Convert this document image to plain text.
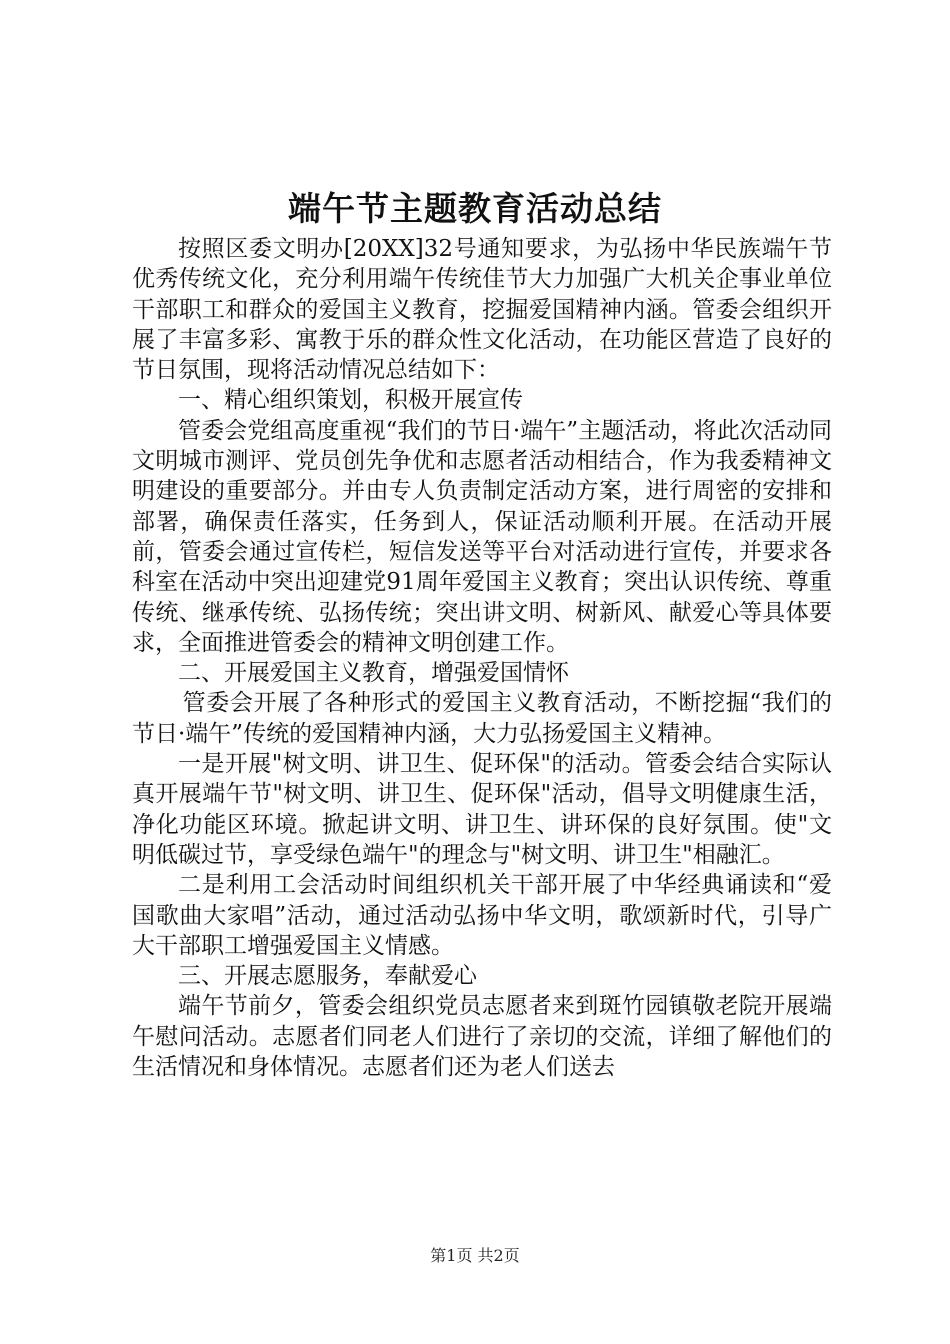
端午节主题教育活动总结

按照区委文明办[20XX]32号通知要求，为弘扬中华民族端午节优秀传统文化，充分利用端午传统佳节大力加强广大机关企事业单位干部职工和群众的爱国主义教育，挖掘爱国精神内涵。管委会组织开展了丰富多彩、寓教于乐的群众性文化活动，在功能区营造了良好的节日氛围，现将活动情况总结如下：

一、精心组织策划，积极开展宣传

管委会党组高度重视“我们的节日·端午”主题活动，将此次活动同文明城市测评、党员创先争优和志愿者活动相结合，作为我委精神文明建设的重要部分。并由专人负责制定活动方案，进行周密的安排和部署，确保责任落实，任务到人，保证活动顺利开展。在活动开展前，管委会通过宣传栏，短信发送等平台对活动进行宣传，并要求各科室在活动中突出迎建党91周年爱国主义教育；突出认识传统、尊重传统、继承传统、弘扬传统；突出讲文明、树新风、献爱心等具体要求，全面推进管委会的精神文明创建工作。

二、开展爱国主义教育，增强爱国情怀

管委会开展了各种形式的爱国主义教育活动，不断挖掘“我们的节日·端午”传统的爱国精神内涵，大力弘扬爱国主义精神。

一是开展"树文明、讲卫生、促环保"的活动。管委会结合实际认真开展端午节"树文明、讲卫生、促环保"活动，倡导文明健康生活，净化功能区环境。掀起讲文明、讲卫生、讲环保的良好氛围。使"文明低碳过节，享受绿色端午"的理念与"树文明、讲卫生"相融汇。

二是利用工会活动时间组织机关干部开展了中华经典诵读和“爱国歌曲大家唱”活动，通过活动弘扬中华文明，歌颂新时代，引导广大干部职工增强爱国主义情感。

三、开展志愿服务，奉献爱心

端午节前夕，管委会组织党员志愿者来到斑竹园镇敬老院开展端午慰问活动。志愿者们同老人们进行了亲切的交流，详细了解他们的生活情况和身体情况。志愿者们还为老人们送去

第1页 共2页
